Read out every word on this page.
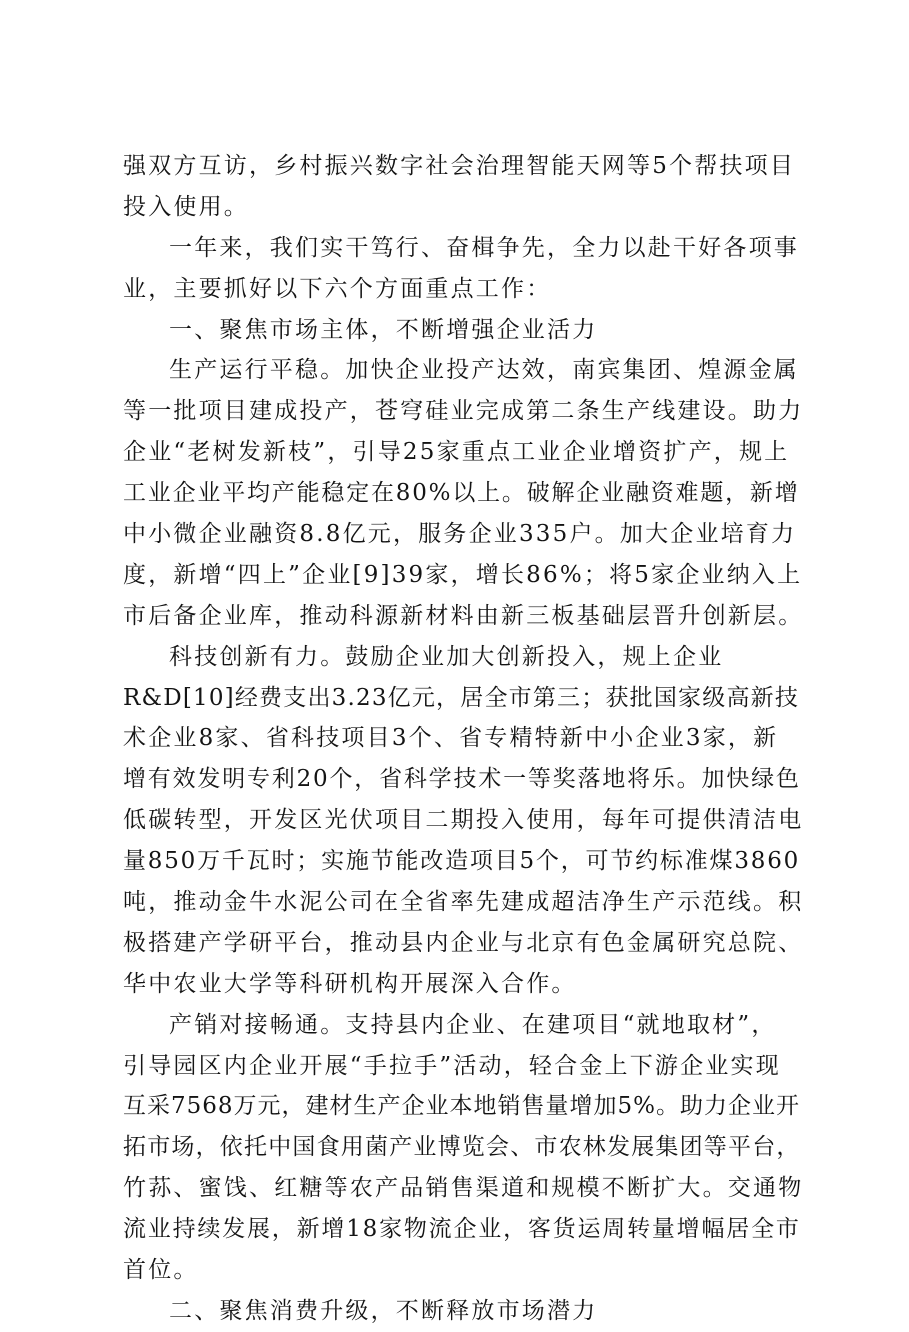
强双方互访，乡村振兴数字社会治理智能天网等5个帮扶项目
投入使用。
一年来，我们实干笃行、奋楫争先，全力以赴干好各项事
业，主要抓好以下六个方面重点工作：
一、聚焦市场主体，不断增强企业活力
生产运行平稳。加快企业投产达效，南宾集团、煌源金属
等一批项目建成投产，苍穹硅业完成第二条生产线建设。助力
企业“老树发新枝”，引导25家重点工业企业增资扩产，规上
工业企业平均产能稳定在80%以上。破解企业融资难题，新增
中小微企业融资8.8亿元，服务企业335户。加大企业培育力
度，新增“四上”企业[9]39家，增长86%；将5家企业纳入上
市后备企业库，推动科源新材料由新三板基础层晋升创新层。
科技创新有力。鼓励企业加大创新投入，规上企业
R&D[10]经费支出3.23亿元，居全市第三；获批国家级高新技
术企业8家、省科技项目3个、省专精特新中小企业3家，新
增有效发明专利20个，省科学技术一等奖落地将乐。加快绿色
低碳转型，开发区光伏项目二期投入使用，每年可提供清洁电
量850万千瓦时；实施节能改造项目5个，可节约标准煤3860
吨，推动金牛水泥公司在全省率先建成超洁净生产示范线。积
极搭建产学研平台，推动县内企业与北京有色金属研究总院、
华中农业大学等科研机构开展深入合作。
产销对接畅通。支持县内企业、在建项目“就地取材”，
引导园区内企业开展“手拉手”活动，轻合金上下游企业实现
互采7568万元，建材生产企业本地销售量增加5%。助力企业开
拓市场，依托中国食用菌产业博览会、市农林发展集团等平台，
竹荪、蜜饯、红糖等农产品销售渠道和规模不断扩大。交通物
流业持续发展，新增18家物流企业，客货运周转量增幅居全市
首位。
二、聚焦消费升级，不断释放市场潜力
